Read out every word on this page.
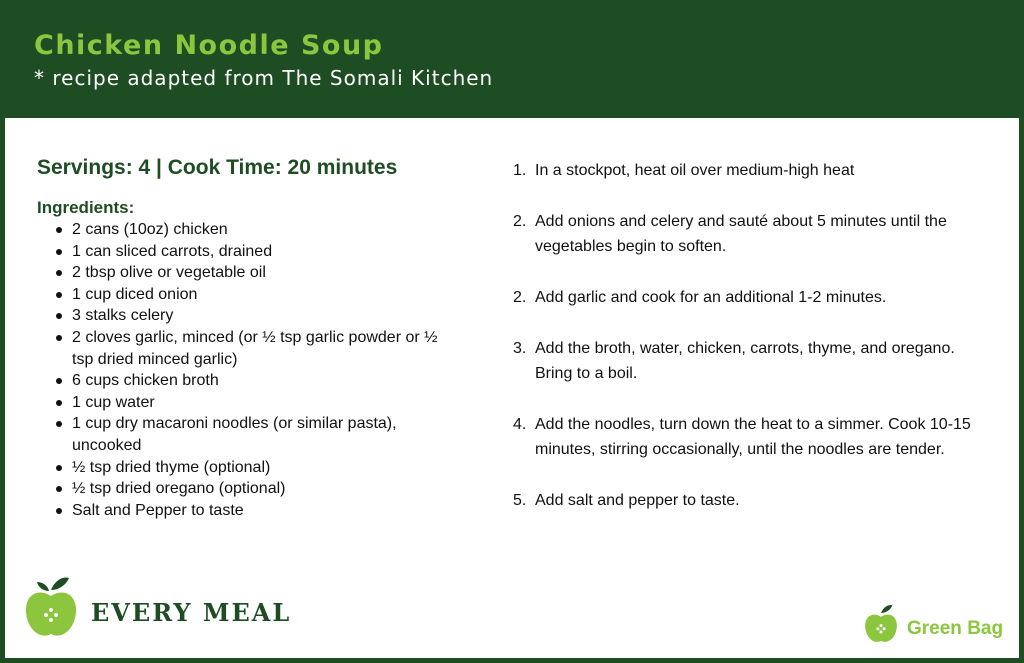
Chicken Noodle Soup
* recipe adapted from The Somali Kitchen
Servings: 4 | Cook Time: 20 minutes
Ingredients:
2 cans (10oz) chicken
1 can sliced carrots, drained
2 tbsp olive or vegetable oil
1 cup diced onion
3 stalks celery
2 cloves garlic, minced (or ½ tsp garlic powder or ½ tsp dried minced garlic)
6 cups chicken broth
1 cup water
1 cup dry macaroni noodles (or similar pasta), uncooked
½ tsp dried thyme (optional)
½ tsp dried oregano (optional)
Salt and Pepper to taste
1. In a stockpot, heat oil over medium-high heat
2. Add onions and celery and sauté about 5 minutes until the vegetables begin to soften.
2. Add garlic and cook for an additional 1-2 minutes.
3. Add the broth, water, chicken, carrots, thyme, and oregano. Bring to a boil.
4. Add the noodles, turn down the heat to a simmer. Cook 10-15 minutes, stirring occasionally, until the noodles are tender.
5. Add salt and pepper to taste.
EVERY MEAL
Green Bag
